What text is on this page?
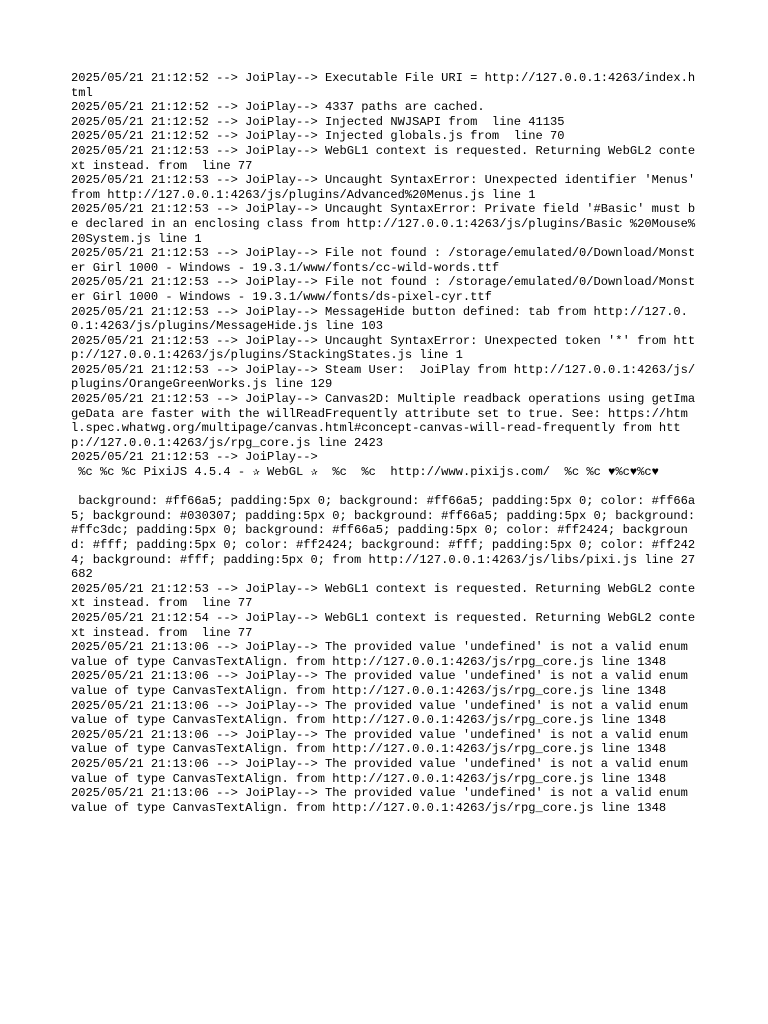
2025/05/21 21:12:52 --> JoiPlay--> Executable File URI = http://127.0.0.1:4263/index.html
2025/05/21 21:12:52 --> JoiPlay--> 4337 paths are cached.
2025/05/21 21:12:52 --> JoiPlay--> Injected NWJSAPI from  line 41135
2025/05/21 21:12:52 --> JoiPlay--> Injected globals.js from  line 70
2025/05/21 21:12:53 --> JoiPlay--> WebGL1 context is requested. Returning WebGL2 context instead. from  line 77
2025/05/21 21:12:53 --> JoiPlay--> Uncaught SyntaxError: Unexpected identifier 'Menus' from http://127.0.0.1:4263/js/plugins/Advanced%20Menus.js line 1
2025/05/21 21:12:53 --> JoiPlay--> Uncaught SyntaxError: Private field '#Basic' must be declared in an enclosing class from http://127.0.0.1:4263/js/plugins/Basic %20Mouse%20System.js line 1
2025/05/21 21:12:53 --> JoiPlay--> File not found : /storage/emulated/0/Download/Monster Girl 1000 - Windows - 19.3.1/www/fonts/cc-wild-words.ttf
2025/05/21 21:12:53 --> JoiPlay--> File not found : /storage/emulated/0/Download/Monster Girl 1000 - Windows - 19.3.1/www/fonts/ds-pixel-cyr.ttf
2025/05/21 21:12:53 --> JoiPlay--> MessageHide button defined: tab from http://127.0.0.1:4263/js/plugins/MessageHide.js line 103
2025/05/21 21:12:53 --> JoiPlay--> Uncaught SyntaxError: Unexpected token '*' from http://127.0.0.1:4263/js/plugins/StackingStates.js line 1
2025/05/21 21:12:53 --> JoiPlay--> Steam User:  JoiPlay from http://127.0.0.1:4263/js/plugins/OrangeGreenWorks.js line 129
2025/05/21 21:12:53 --> JoiPlay--> Canvas2D: Multiple readback operations using getImageData are faster with the willReadFrequently attribute set to true. See: https://html.spec.whatwg.org/multipage/canvas.html#concept-canvas-will-read-frequently from http://127.0.0.1:4263/js/rpg_core.js line 2423
2025/05/21 21:12:53 --> JoiPlay-->
%c %c %c PixiJS 4.5.4 - ✰ WebGL ✰  %c  %c  http://www.pixijs.com/  %c %c ♥%c♥%c♥
background: #ff66a5; padding:5px 0; background: #ff66a5; padding:5px 0; color: #ff66a5; background: #030307; padding:5px 0; background: #ff66a5; padding:5px 0; background: #ffc3dc; padding:5px 0; background: #ff66a5; padding:5px 0; color: #ff2424; background: #fff; padding:5px 0; color: #ff2424; background: #fff; padding:5px 0; color: #ff2424; background: #fff; padding:5px 0; from http://127.0.0.1:4263/js/libs/pixi.js line 27682
2025/05/21 21:12:53 --> JoiPlay--> WebGL1 context is requested. Returning WebGL2 context instead. from  line 77
2025/05/21 21:12:54 --> JoiPlay--> WebGL1 context is requested. Returning WebGL2 context instead. from  line 77
2025/05/21 21:13:06 --> JoiPlay--> The provided value 'undefined' is not a valid enum value of type CanvasTextAlign. from http://127.0.0.1:4263/js/rpg_core.js line 1348
2025/05/21 21:13:06 --> JoiPlay--> The provided value 'undefined' is not a valid enum value of type CanvasTextAlign. from http://127.0.0.1:4263/js/rpg_core.js line 1348
2025/05/21 21:13:06 --> JoiPlay--> The provided value 'undefined' is not a valid enum value of type CanvasTextAlign. from http://127.0.0.1:4263/js/rpg_core.js line 1348
2025/05/21 21:13:06 --> JoiPlay--> The provided value 'undefined' is not a valid enum value of type CanvasTextAlign. from http://127.0.0.1:4263/js/rpg_core.js line 1348
2025/05/21 21:13:06 --> JoiPlay--> The provided value 'undefined' is not a valid enum value of type CanvasTextAlign. from http://127.0.0.1:4263/js/rpg_core.js line 1348
2025/05/21 21:13:06 --> JoiPlay--> The provided value 'undefined' is not a valid enum value of type CanvasTextAlign. from http://127.0.0.1:4263/js/rpg_core.js line 1348
